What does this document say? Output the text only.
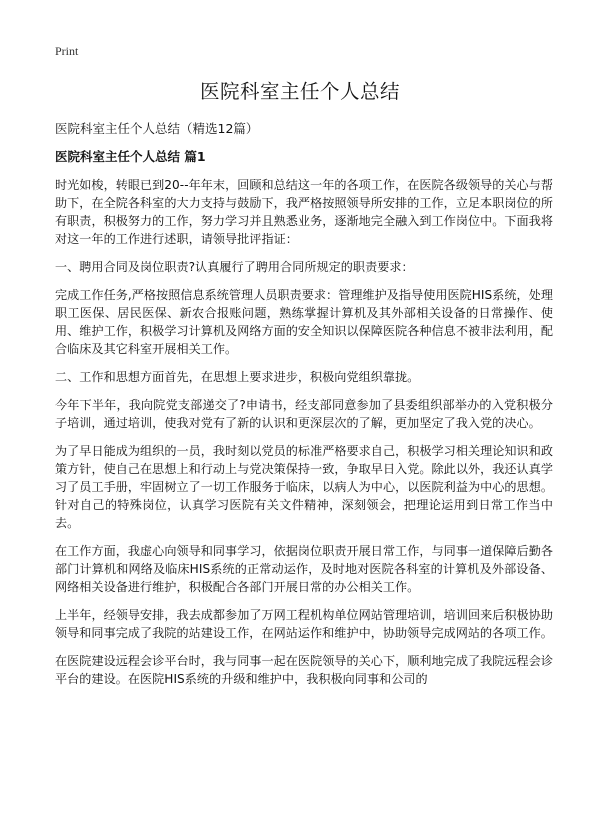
Print
医院科室主任个人总结

医院科室主任个人总结（精选12篇）

医院科室主任个人总结 篇1

时光如梭，转眼已到20--年年末，回顾和总结这一年的各项工作，在医院各级领导的关心与帮助下，在全院各科室的大力支持与鼓励下，我严格按照领导所安排的工作，立足本职岗位的所有职责，积极努力的工作，努力学习并且熟悉业务，逐渐地完全融入到工作岗位中。下面我将对这一年的工作进行述职，请领导批评指证：

一、聘用合同及岗位职责?认真履行了聘用合同所规定的职责要求：

完成工作任务,严格按照信息系统管理人员职责要求：管理维护及指导使用医院HIS系统，处理职工医保、居民医保、新农合报账问题，熟练掌握计算机及其外部相关设备的日常操作、使用、维护工作，积极学习计算机及网络方面的安全知识以保障医院各种信息不被非法利用，配合临床及其它科室开展相关工作。

二、工作和思想方面首先，在思想上要求进步，积极向党组织靠拢。

今年下半年，我向院党支部递交了?申请书，经支部同意参加了县委组织部举办的入党积极分子培训，通过培训，使我对党有了新的认识和更深层次的了解，更加坚定了我入党的决心。

为了早日能成为组织的一员，我时刻以党员的标准严格要求自己，积极学习相关理论知识和政策方针，使自己在思想上和行动上与党决策保持一致，争取早日入党。除此以外，我还认真学习了员工手册，牢固树立了一切工作服务于临床，以病人为中心，以医院利益为中心的思想。针对自己的特殊岗位，认真学习医院有关文件精神，深刻领会，把理论运用到日常工作当中去。

在工作方面，我虚心向领导和同事学习，依据岗位职责开展日常工作，与同事一道保障后勤各部门计算机和网络及临床HIS系统的正常动运作，及时地对医院各科室的计算机及外部设备、网络相关设备进行维护，积极配合各部门开展日常的办公相关工作。

上半年，经领导安排，我去成都参加了万网工程机构单位网站管理培训，培训回来后积极协助领导和同事完成了我院的站建设工作，在网站运作和维护中，协助领导完成网站的各项工作。

在医院建设远程会诊平台时，我与同事一起在医院领导的关心下，顺利地完成了我院远程会诊平台的建设。在医院HIS系统的升级和维护中，我积极向同事和公司的
